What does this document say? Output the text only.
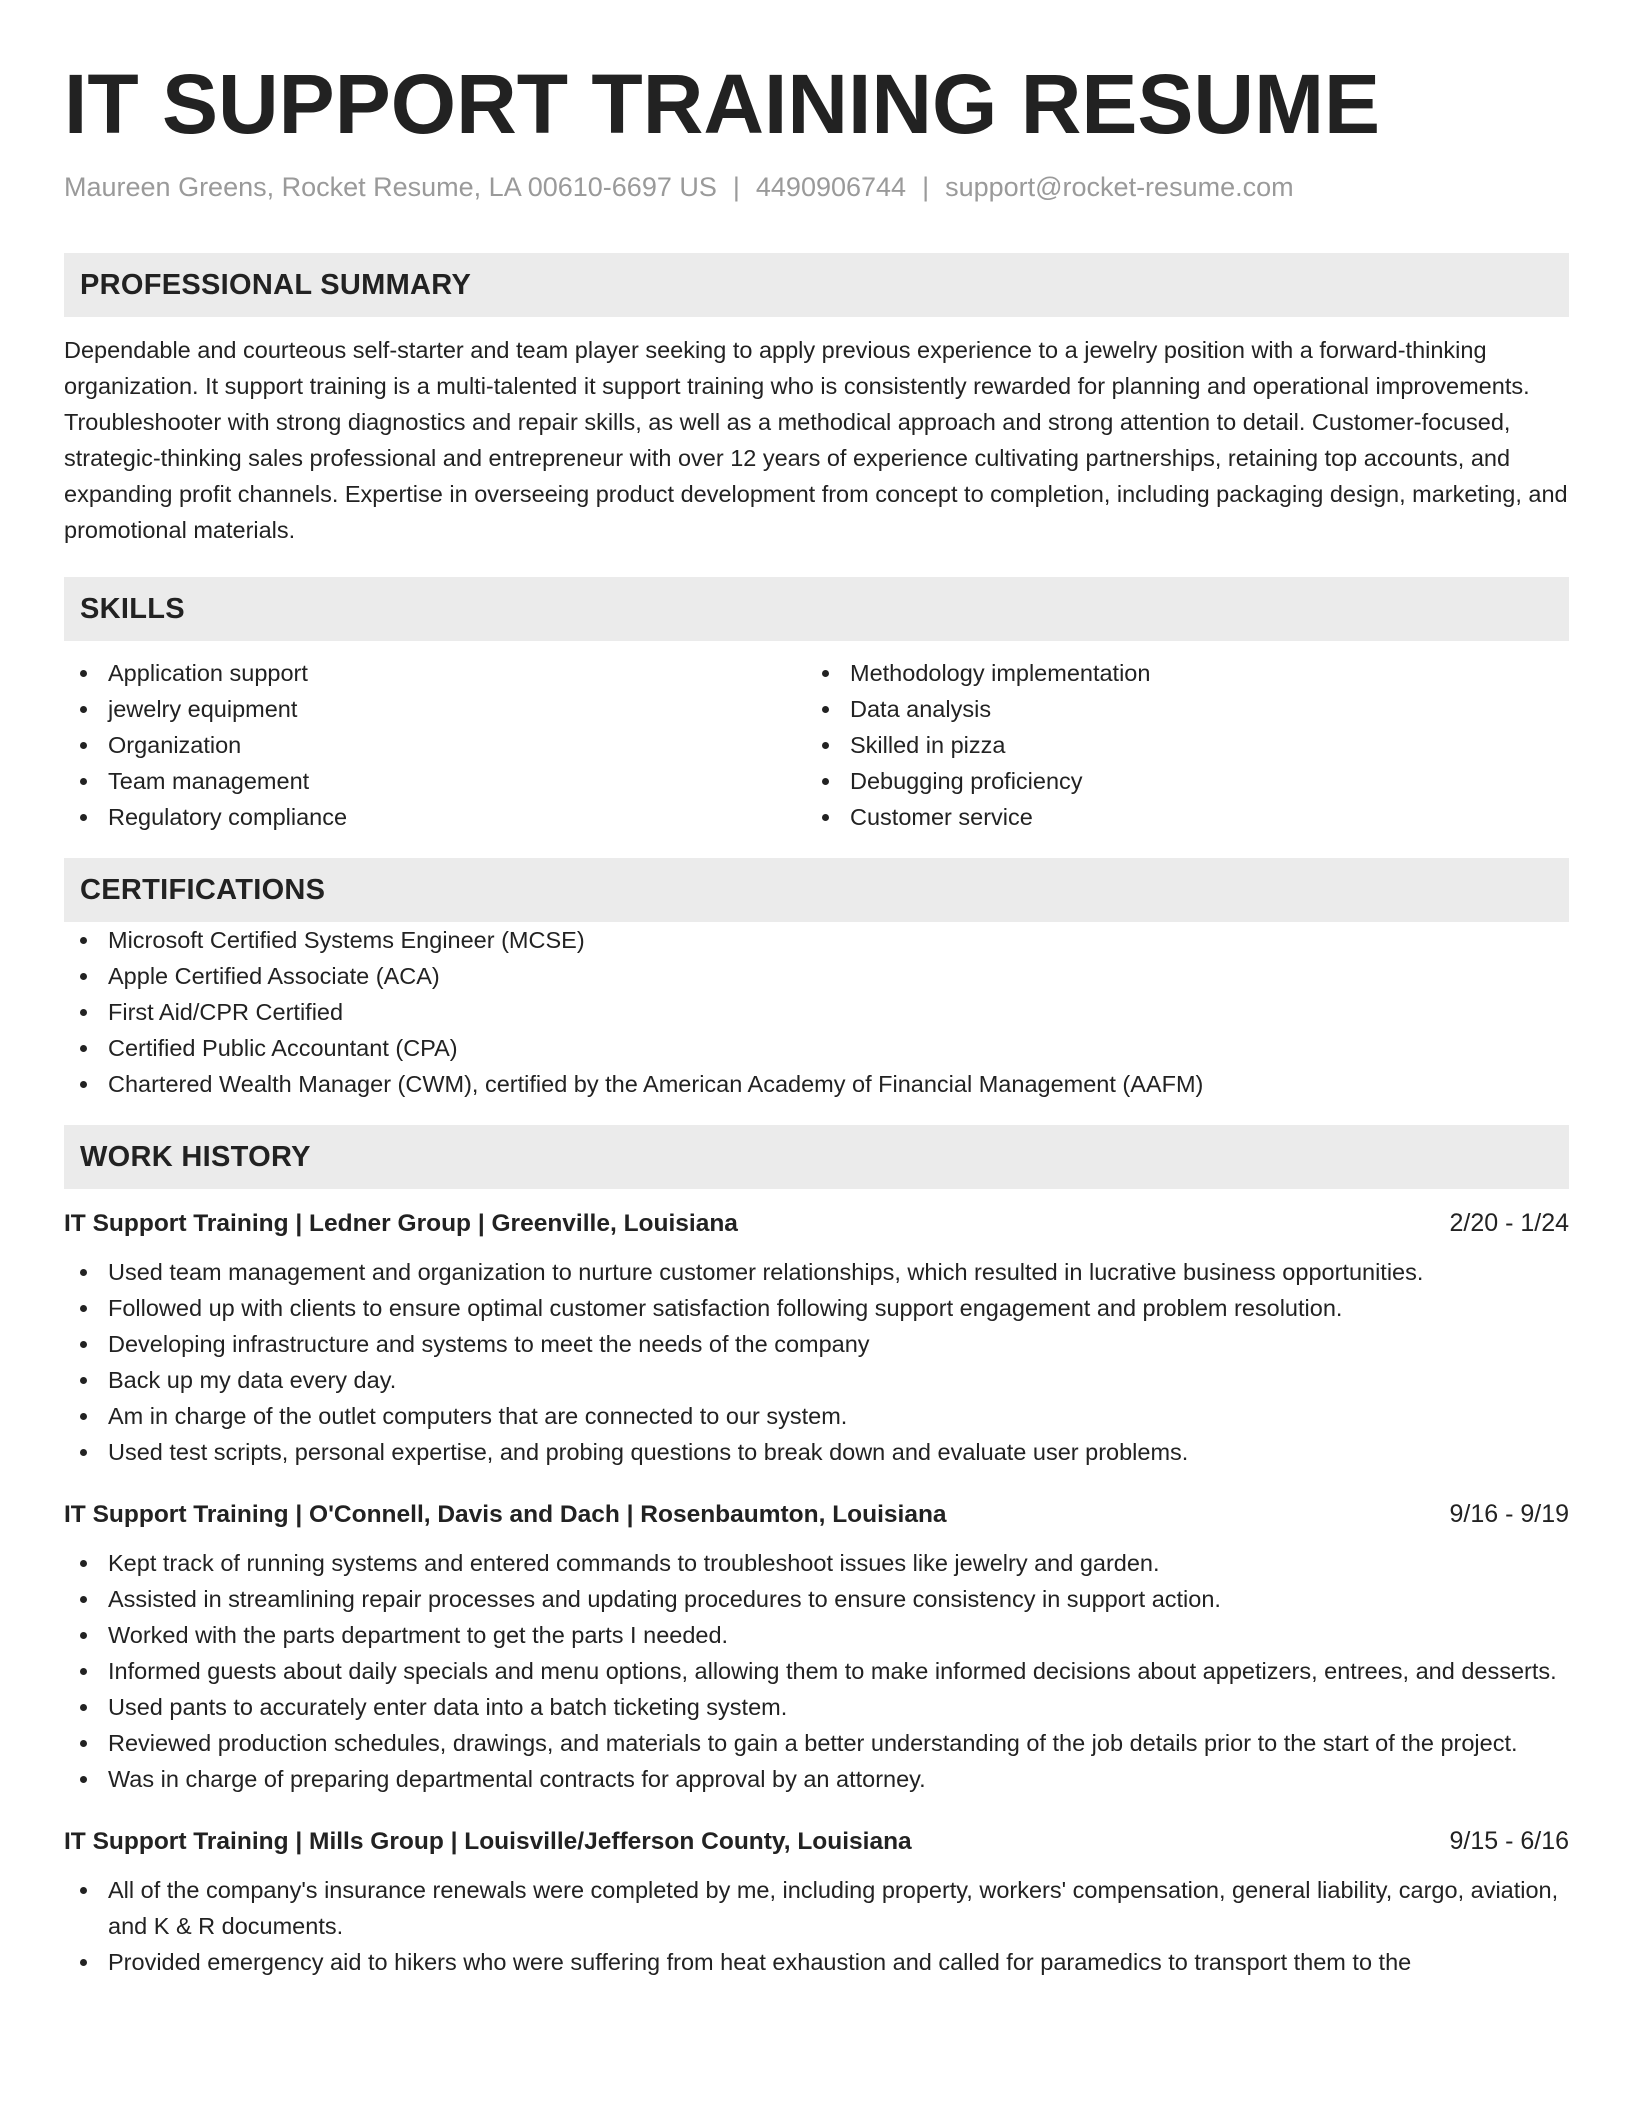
IT SUPPORT TRAINING RESUME
Maureen Greens, Rocket Resume, LA 00610-6697 US | 4490906744 | support@rocket-resume.com
PROFESSIONAL SUMMARY

Dependable and courteous self-starter and team player seeking to apply previous experience to a jewelry position with a forward-thinking organization. It support training is a multi-talented it support training who is consistently rewarded for planning and operational improvements. Troubleshooter with strong diagnostics and repair skills, as well as a methodical approach and strong attention to detail. Customer-focused, strategic-thinking sales professional and entrepreneur with over 12 years of experience cultivating partnerships, retaining top accounts, and expanding profit channels. Expertise in overseeing product development from concept to completion, including packaging design, marketing, and promotional materials.

SKILLS
Application support
jewelry equipment
Organization
Team management
Regulatory compliance
Methodology implementation
Data analysis
Skilled in pizza
Debugging proficiency
Customer service
CERTIFICATIONS
Microsoft Certified Systems Engineer (MCSE)
Apple Certified Associate (ACA)
First Aid/CPR Certified
Certified Public Accountant (CPA)
Chartered Wealth Manager (CWM), certified by the American Academy of Financial Management (AAFM)
WORK HISTORY
IT Support Training | Ledner Group | Greenville, Louisiana	2/20 - 1/24
Used team management and organization to nurture customer relationships, which resulted in lucrative business opportunities.
Followed up with clients to ensure optimal customer satisfaction following support engagement and problem resolution.
Developing infrastructure and systems to meet the needs of the company
Back up my data every day.
Am in charge of the outlet computers that are connected to our system.
Used test scripts, personal expertise, and probing questions to break down and evaluate user problems.
IT Support Training | O'Connell, Davis and Dach | Rosenbaumton, Louisiana	9/16 - 9/19
Kept track of running systems and entered commands to troubleshoot issues like jewelry and garden.
Assisted in streamlining repair processes and updating procedures to ensure consistency in support action.
Worked with the parts department to get the parts I needed.
Informed guests about daily specials and menu options, allowing them to make informed decisions about appetizers, entrees, and desserts.
Used pants to accurately enter data into a batch ticketing system.
Reviewed production schedules, drawings, and materials to gain a better understanding of the job details prior to the start of the project.
Was in charge of preparing departmental contracts for approval by an attorney.
IT Support Training | Mills Group | Louisville/Jefferson County, Louisiana	9/15 - 6/16
All of the company's insurance renewals were completed by me, including property, workers' compensation, general liability, cargo, aviation, and K & R documents.
Provided emergency aid to hikers who were suffering from heat exhaustion and called for paramedics to transport them to the
